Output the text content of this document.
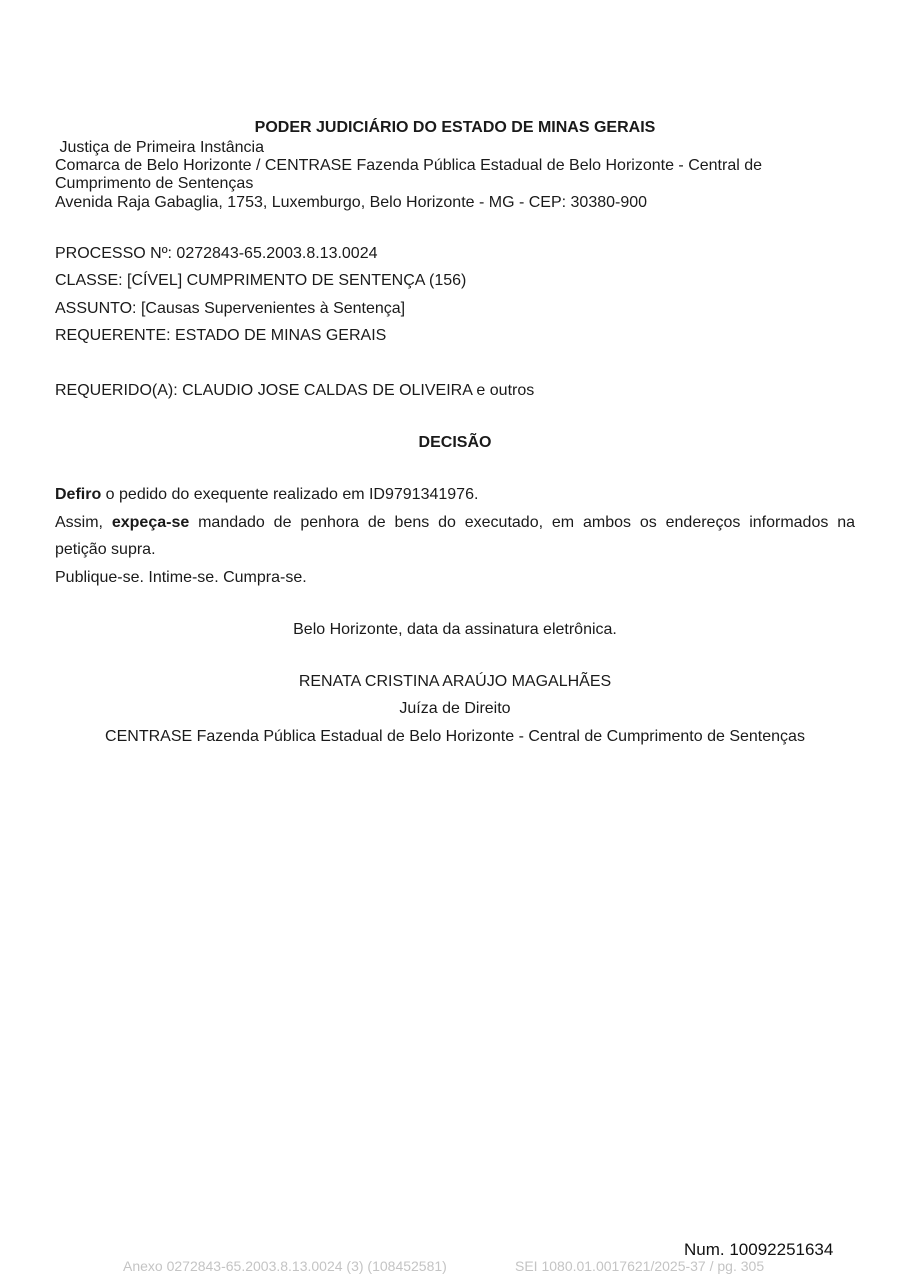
PODER JUDICIÁRIO DO ESTADO DE MINAS GERAIS
Justiça de Primeira Instância
Comarca de Belo Horizonte / CENTRASE Fazenda Pública Estadual de Belo Horizonte - Central de
Cumprimento de Sentenças
Avenida Raja Gabaglia, 1753, Luxemburgo, Belo Horizonte - MG - CEP: 30380-900
PROCESSO Nº: 0272843-65.2003.8.13.0024
CLASSE: [CÍVEL] CUMPRIMENTO DE SENTENÇA (156)
ASSUNTO: [Causas Supervenientes à Sentença]
REQUERENTE: ESTADO DE MINAS GERAIS
REQUERIDO(A): CLAUDIO JOSE CALDAS DE OLIVEIRA e outros
DECISÃO
Defiro o pedido do exequente realizado em ID9791341976.
Assim, expeça-se mandado de penhora de bens do executado, em ambos os endereços informados na
petição supra.
Publique-se. Intime-se. Cumpra-se.
Belo Horizonte, data da assinatura eletrônica.
RENATA CRISTINA ARAÚJO MAGALHÃES
Juíza de Direito
CENTRASE Fazenda Pública Estadual de Belo Horizonte - Central de Cumprimento de Sentenças
Num. 10092251634
Anexo 0272843-65.2003.8.13.0024 (3) (108452581)	SEI 1080.01.0017621/2025-37 / pg. 305
